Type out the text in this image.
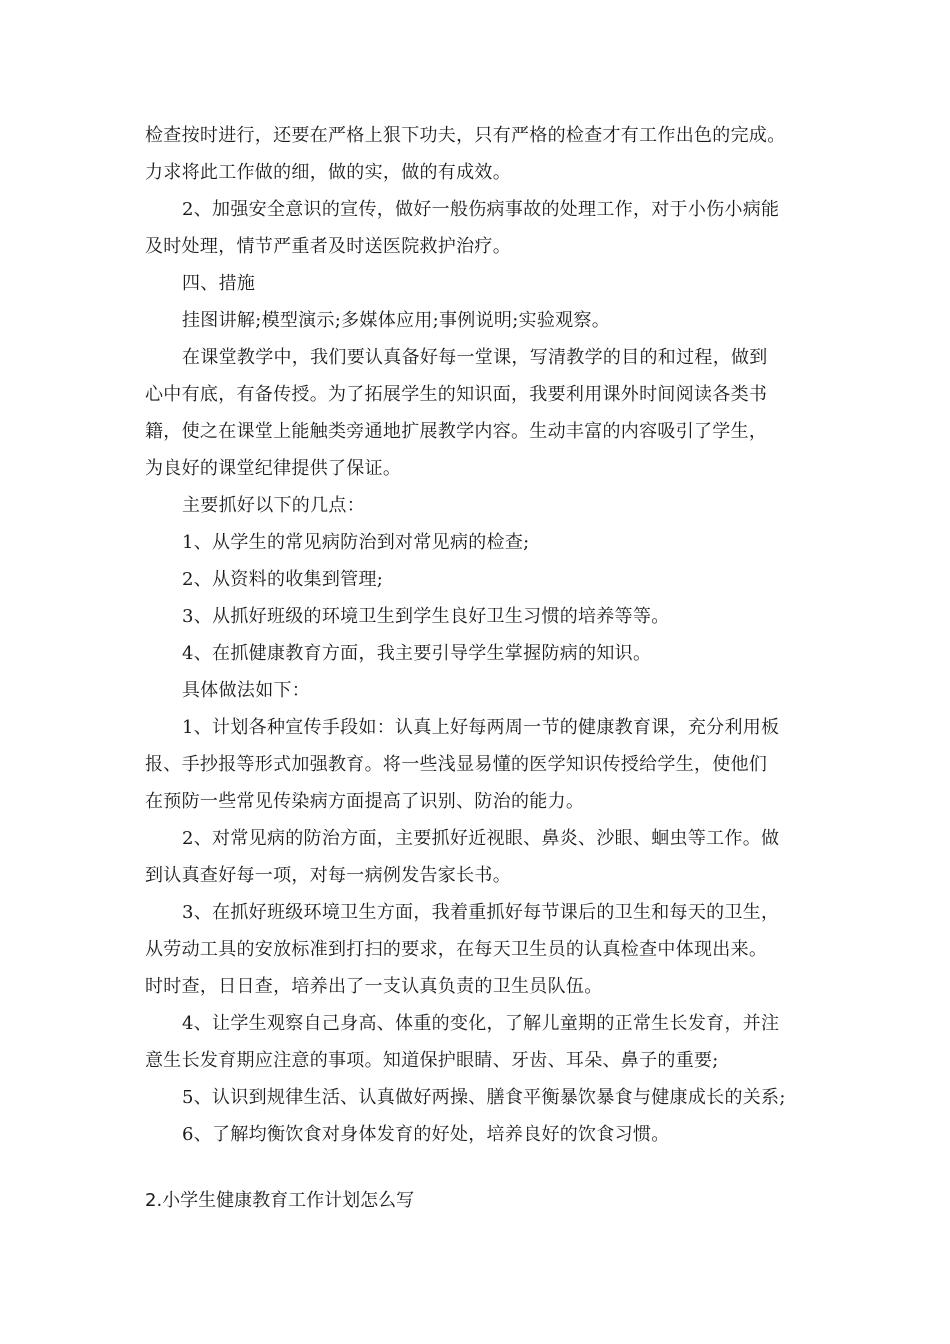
检查按时进行，还要在严格上狠下功夫，只有严格的检查才有工作出色的完成。
力求将此工作做的细，做的实，做的有成效。
2、加强安全意识的宣传，做好一般伤病事故的处理工作，对于小伤小病能
及时处理，情节严重者及时送医院救护治疗。
四、措施
挂图讲解;模型演示;多媒体应用;事例说明;实验观察。
在课堂教学中，我们要认真备好每一堂课，写清教学的目的和过程，做到
心中有底，有备传授。为了拓展学生的知识面，我要利用课外时间阅读各类书
籍，使之在课堂上能触类旁通地扩展教学内容。生动丰富的内容吸引了学生，
为良好的课堂纪律提供了保证。
主要抓好以下的几点：
1、从学生的常见病防治到对常见病的检查;
2、从资料的收集到管理;
3、从抓好班级的环境卫生到学生良好卫生习惯的培养等等。
4、在抓健康教育方面，我主要引导学生掌握防病的知识。
具体做法如下：
1、计划各种宣传手段如：认真上好每两周一节的健康教育课，充分利用板
报、手抄报等形式加强教育。将一些浅显易懂的医学知识传授给学生，使他们
在预防一些常见传染病方面提高了识别、防治的能力。
2、对常见病的防治方面，主要抓好近视眼、鼻炎、沙眼、蛔虫等工作。做
到认真查好每一项，对每一病例发告家长书。
3、在抓好班级环境卫生方面，我着重抓好每节课后的卫生和每天的卫生，
从劳动工具的安放标准到打扫的要求，在每天卫生员的认真检查中体现出来。
时时查，日日查，培养出了一支认真负责的卫生员队伍。
4、让学生观察自己身高、体重的变化，了解儿童期的正常生长发育，并注
意生长发育期应注意的事项。知道保护眼睛、牙齿、耳朵、鼻子的重要;
5、认识到规律生活、认真做好两操、膳食平衡暴饮暴食与健康成长的关系;
6、了解均衡饮食对身体发育的好处，培养良好的饮食习惯。
2.小学生健康教育工作计划怎么写
